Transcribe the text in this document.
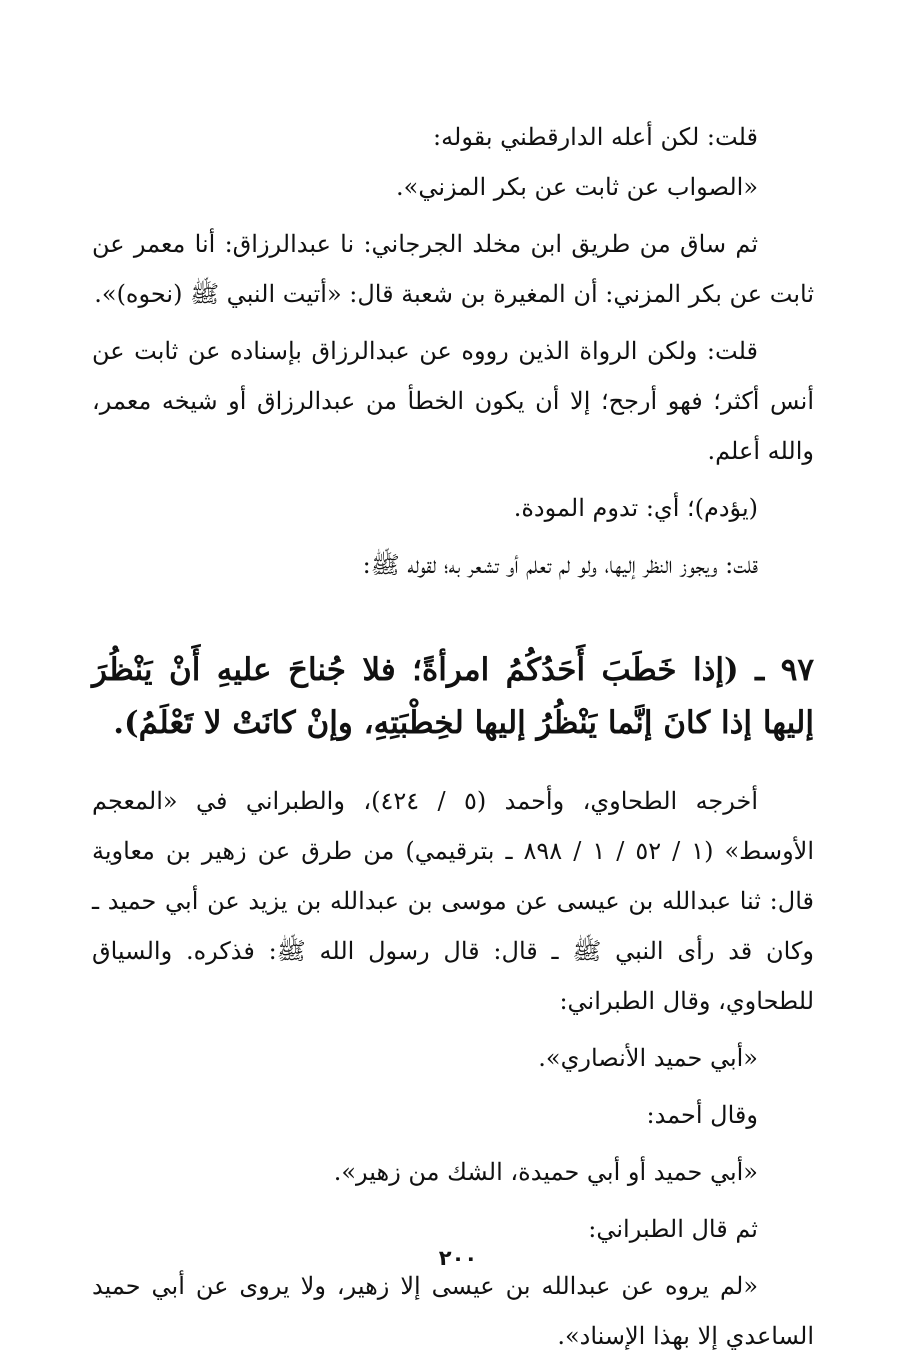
قلت: لكن أعله الدارقطني بقوله:

«الصواب عن ثابت عن بكر المزني».

ثم ساق من طريق ابن مخلد الجرجاني: نا عبدالرزاق: أنا معمر عن ثابت عن بكر المزني: أن المغيرة بن شعبة قال: «أتيت النبي ﷺ (نحوه)».

قلت: ولكن الرواة الذين رووه عن عبدالرزاق بإسناده عن ثابت عن أنس أكثر؛ فهو أرجح؛ إلا أن يكون الخطأ من عبدالرزاق أو شيخه معمر، والله أعلم.

(يؤدم)؛ أي: تدوم المودة.

قلت: ويجوز النظر إليها، ولو لم تعلم أو تشعر به؛ لقوله ﷺ:

٩٧ ـ (إذا خَطَبَ أَحَدُكُمُ امرأةً؛ فلا جُناحَ عليهِ أَنْ يَنْظُرَ إليها إذا كانَ إنَّما يَنْظُرُ إليها لخِطْبَتِهِ، وإنْ كانَتْ لا تَعْلَمُ).

أخرجه الطحاوي، وأحمد (٥ / ٤٢٤)، والطبراني في «المعجم الأوسط» (١ / ٥٢ / ١ / ٨٩٨ ـ بترقيمي) من طرق عن زهير بن معاوية قال: ثنا عبدالله بن عيسى عن موسى بن عبدالله بن يزيد عن أبي حميد ـ وكان قد رأى النبي ﷺ ـ قال: قال رسول الله ﷺ: فذكره. والسياق للطحاوي، وقال الطبراني:

«أبي حميد الأنصاري».

وقال أحمد:

«أبي حميد أو أبي حميدة، الشك من زهير».

ثم قال الطبراني:

«لم يروه عن عبدالله بن عيسى إلا زهير، ولا يروى عن أبي حميد الساعدي إلا بهذا الإسناد».

٢٠٠
